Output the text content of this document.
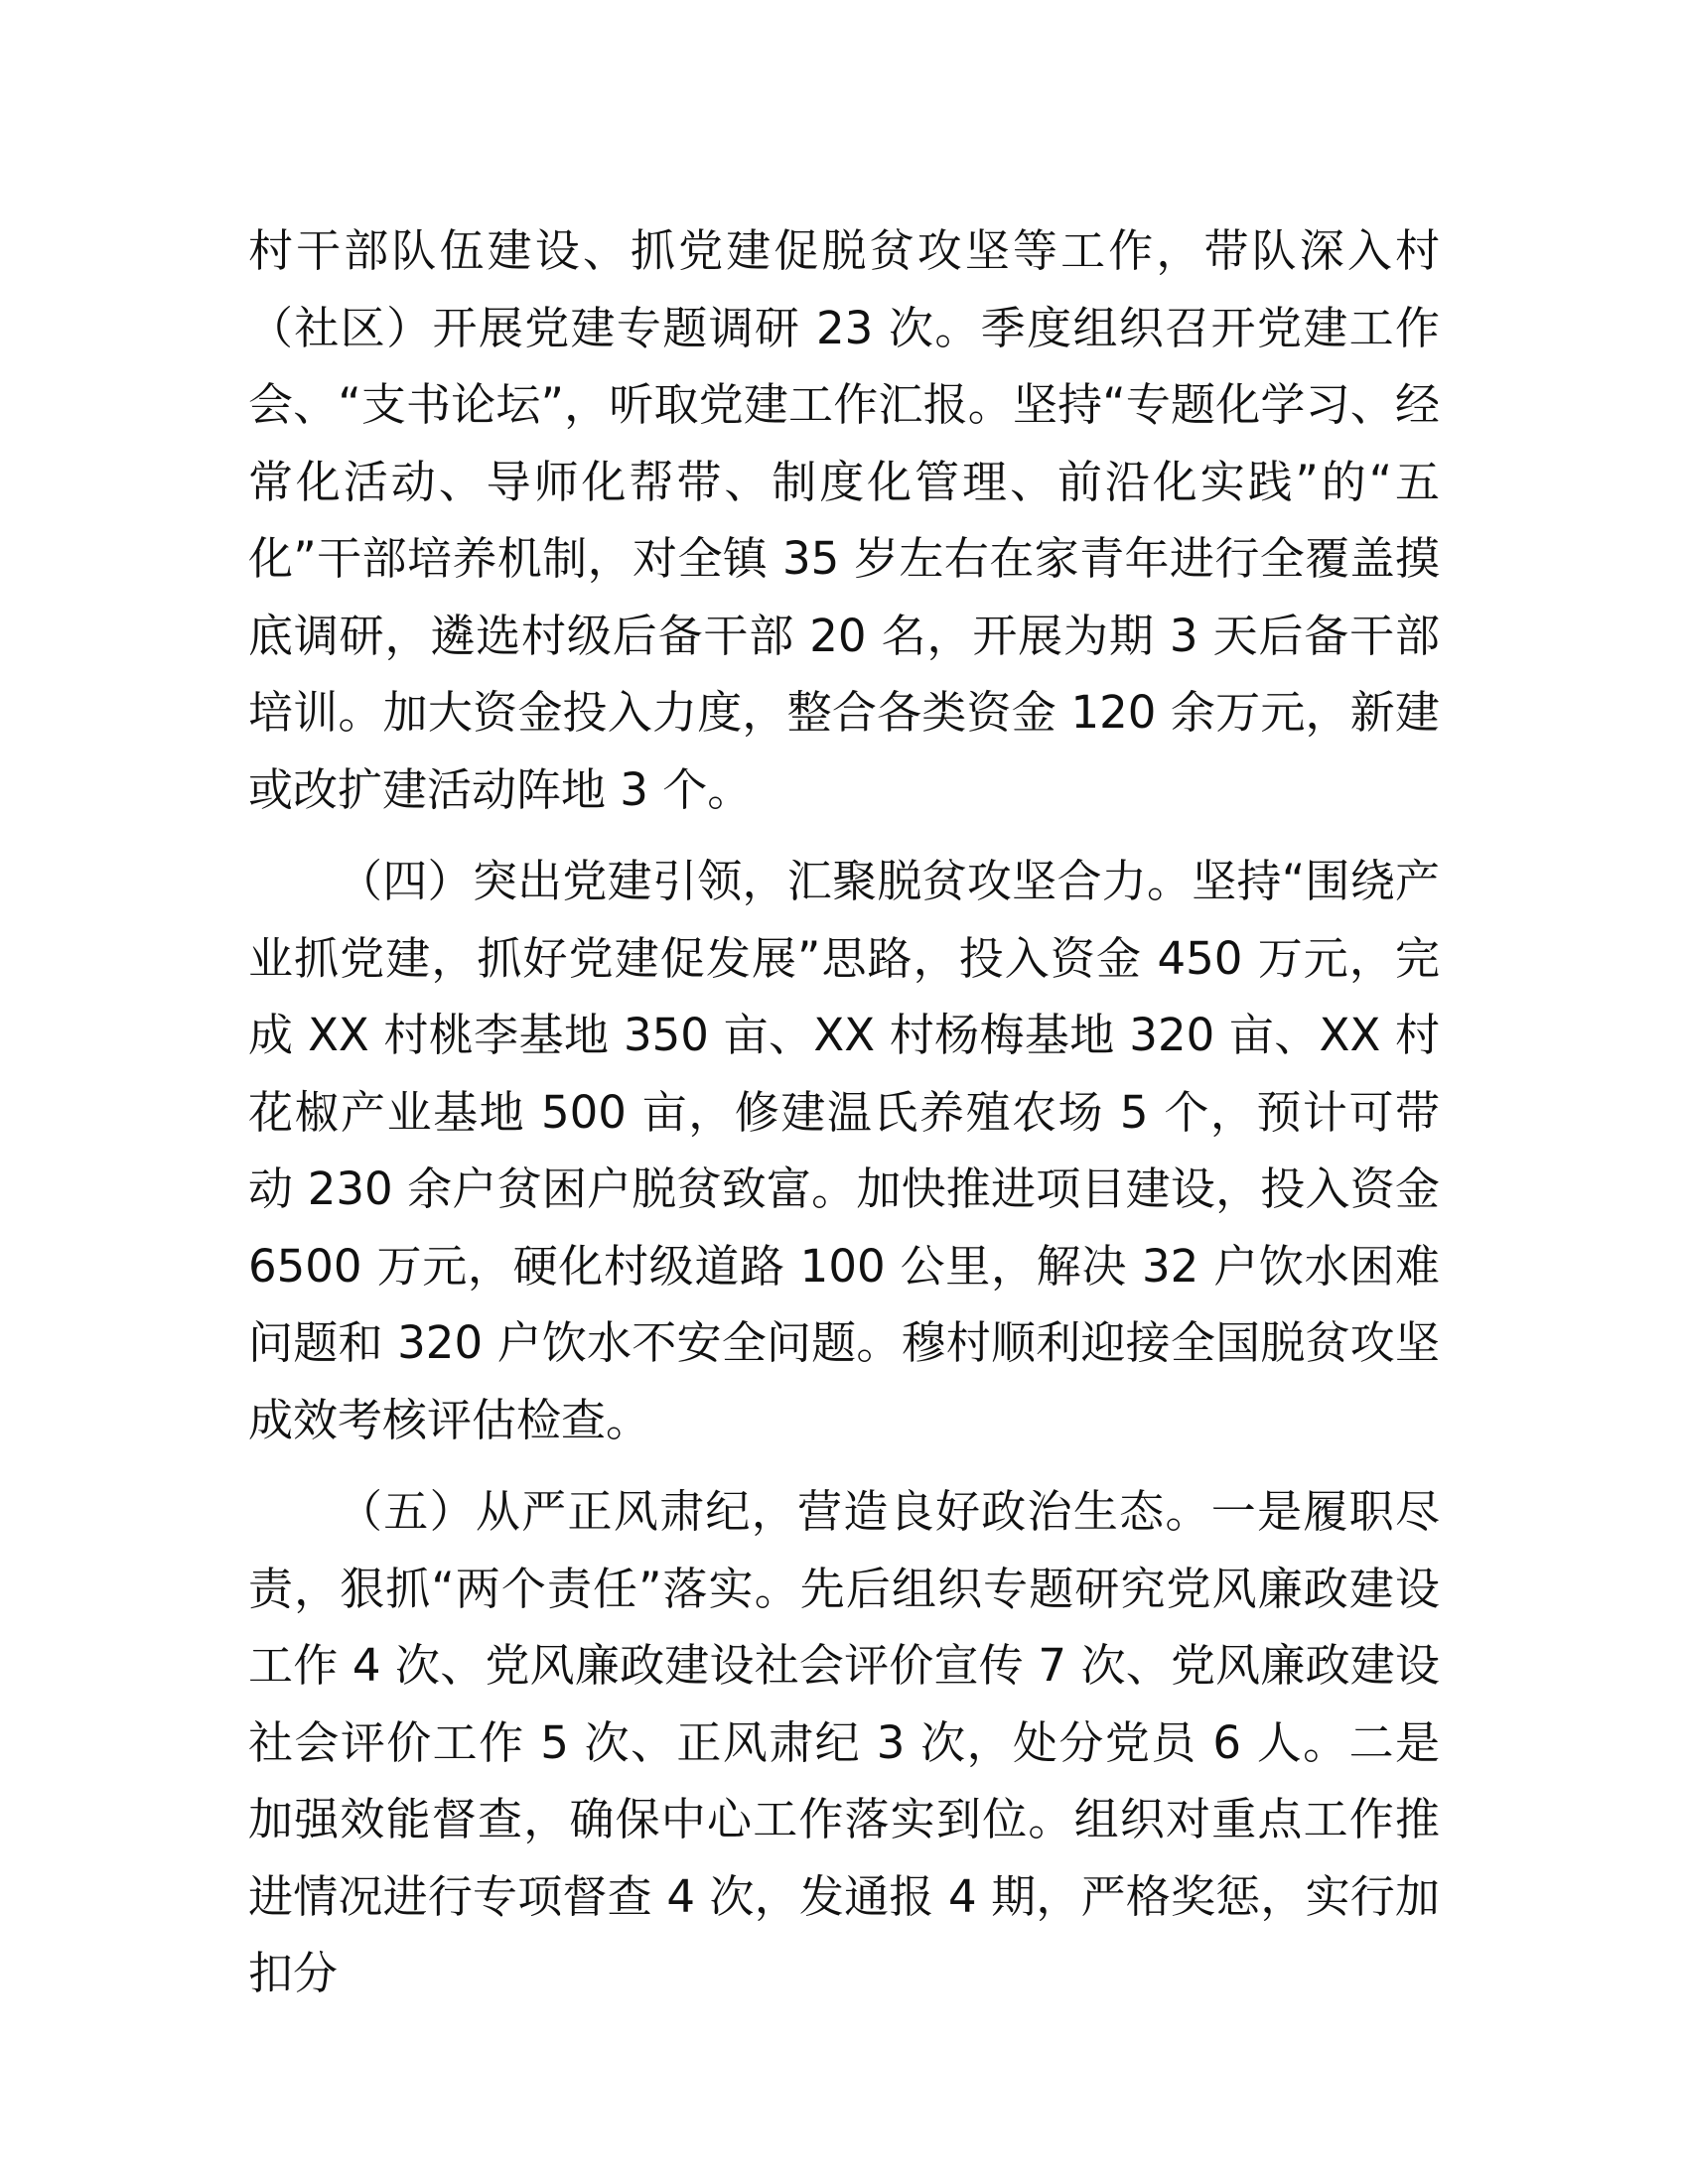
村干部队伍建设、抓党建促脱贫攻坚等工作，带队深入村（社区）开展党建专题调研 23 次。季度组织召开党建工作会、“支书论坛”，听取党建工作汇报。坚持“专题化学习、经常化活动、导师化帮带、制度化管理、前沿化实践”的“五化”干部培养机制，对全镇 35 岁左右在家青年进行全覆盖摸底调研，遴选村级后备干部 20 名，开展为期 3 天后备干部培训。加大资金投入力度，整合各类资金 120 余万元，新建或改扩建活动阵地 3 个。

（四）突出党建引领，汇聚脱贫攻坚合力。坚持“围绕产业抓党建，抓好党建促发展”思路，投入资金 450 万元，完成 XX 村桃李基地 350 亩、XX 村杨梅基地 320 亩、XX 村花椒产业基地 500 亩，修建温氏养殖农场 5 个，预计可带动 230 余户贫困户脱贫致富。加快推进项目建设，投入资金 6500 万元，硬化村级道路 100 公里，解决 32 户饮水困难问题和 320 户饮水不安全问题。穆村顺利迎接全国脱贫攻坚成效考核评估检查。

（五）从严正风肃纪，营造良好政治生态。一是履职尽责，狠抓“两个责任”落实。先后组织专题研究党风廉政建设工作 4 次、党风廉政建设社会评价宣传 7 次、党风廉政建设社会评价工作 5 次、正风肃纪 3 次，处分党员 6 人。二是加强效能督查，确保中心工作落实到位。组织对重点工作推进情况进行专项督查 4 次，发通报 4 期，严格奖惩，实行加扣分
